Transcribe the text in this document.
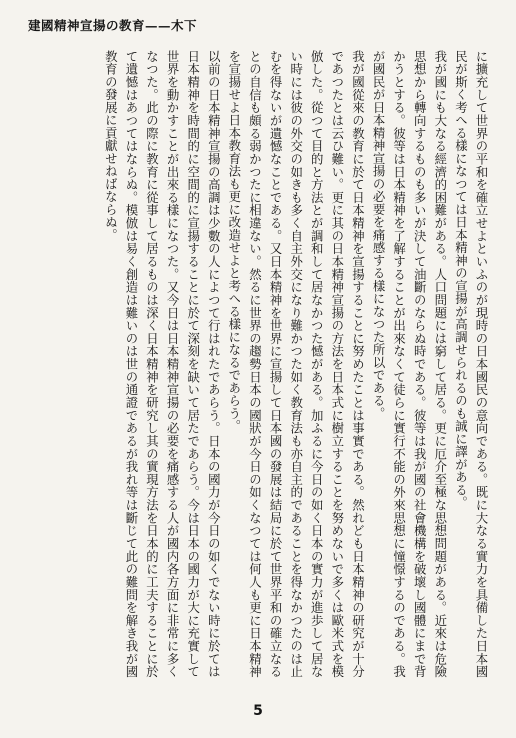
建國精神宣揚の教育——木下

に擴充して世界の平和を確立せよといふのが現時の日本國民の意向である。既に大なる實力を具備した日本國民が斯く考へる樣になつては日本精神の宣揚が高調せられるのも誠に譯がある。

我が國にも大なる經濟的困難がある。人口問題には窮して居る。更に厄介至極な思想問題がある。近來は危險思想から轉向するものも多いが決して油斷のならぬ時である。彼等は我が國の社會機構を破壞し國體にまで背かうとする。彼等は日本精神を了解することが出來なくて徒らに實行不能の外來思想に憧憬するのである。我が國民が日本精神宣揚の必要を痛感する樣になつた所以である。

我が國從來の教育に於て日本精神を宣揚することに努めたことは事實である。然れども日本精神の研究が十分であつたとは云ひ難い。更に其の日本精神宣揚の方法を日本式に樹立することを努めないで多くは歐米式を模倣した。從つて目的と方法とが調和して居なかつた憾がある。加ふるに今日の如く日本の實力が進歩して居ない時には彼の外交の如きも多く自主外交になり難かつた如く教育法も亦自主的であることを得なかつたのは止むを得ないが遺憾なことである。又日本精神を世界に宣揚して日本國の發展は結局に於て世界平和の確立なるとの自信も頗る弱かつたに相違ない。然るに世界の趨勢日本の國狀が今日の如くなつては何人も更に日本精神を宣揚せよ日本教育法も更に改造せよと考へる樣になるであらう。

以前の日本精神宣揚の高調は少數の人によつて行はれたであらう。日本の國力が今日の如くでない時に於ては日本精神を時間的に空間的に宣揚することに於て深刻を缺いて居たであらう。今は日本の國力が大に充實して世界を動かすことが出來る樣になつた。又今日は日本精神宣揚の必要を痛感する人が國内各方面に非常に多くなつた。此の際に教育に從事して居るものは深く日本精神を研究し其の實現方法を日本的に工夫することに於て遺憾はあつてはならぬ。模倣は易く創造は難いのは世の通證であるが我れ等は斷じて此の難問を解き我が國教育の發展に貢獻せねばならぬ。

5
